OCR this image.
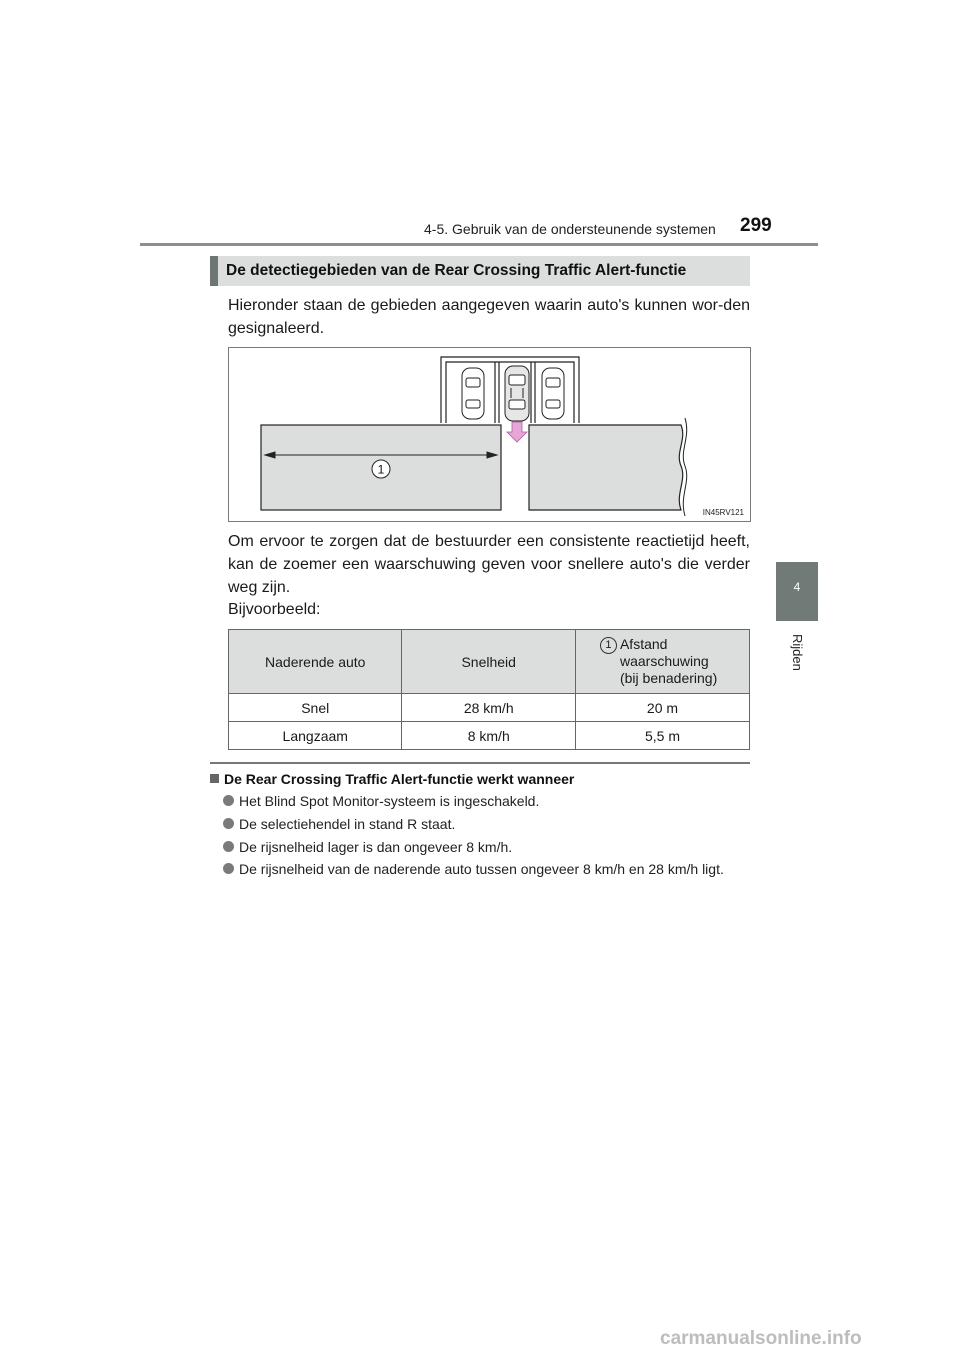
4-5. Gebruik van de ondersteunende systemen 299
4
Rijden
De detectiegebieden van de Rear Crossing Traffic Alert-functie
Hieronder staan de gebieden aangegeven waarin auto's kunnen wor-den gesignaleerd.
1
IN45RV121
Om ervoor te zorgen dat de bestuurder een consistente reactietijd heeft, kan de zoemer een waarschuwing geven voor snellere auto's die verder weg zijn.
Bijvoorbeeld:
Naderende auto	Snelheid	1 Afstand
waarschuwing
(bij benadering)
Snel	28 km/h	20 m
Langzaam	8 km/h	5,5 m
De Rear Crossing Traffic Alert-functie werkt wanneer
Het Blind Spot Monitor-systeem is ingeschakeld.
De selectiehendel in stand R staat.
De rijsnelheid lager is dan ongeveer 8 km/h.
De rijsnelheid van de naderende auto tussen ongeveer 8 km/h en 28 km/h ligt.
carmanualsonline.info
